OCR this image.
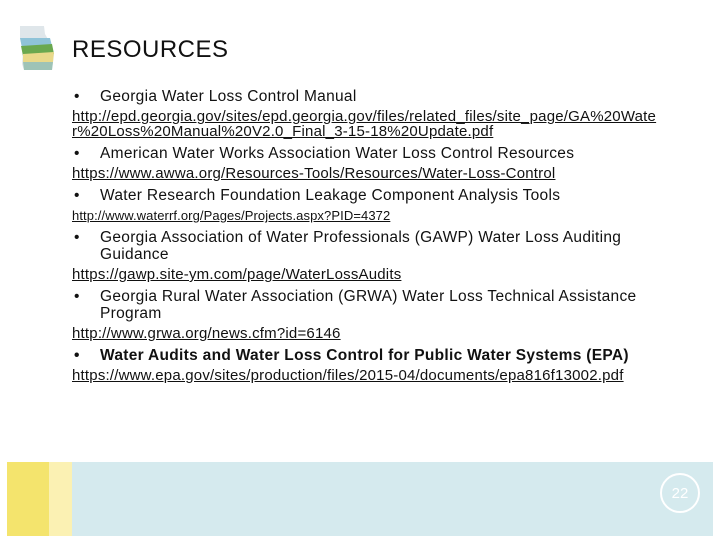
RESOURCES
• Georgia Water Loss Control Manual
http://epd.georgia.gov/sites/epd.georgia.gov/files/related_files/site_page/GA%20Water%20Loss%20Manual%20V2.0_Final_3-15-18%20Update.pdf
• American Water Works Association Water Loss Control Resources
https://www.awwa.org/Resources-Tools/Resources/Water-Loss-Control
• Water Research Foundation Leakage Component Analysis Tools
http://www.waterrf.org/Pages/Projects.aspx?PID=4372
• Georgia Association of Water Professionals (GAWP) Water Loss Auditing Guidance
https://gawp.site-ym.com/page/WaterLossAudits
• Georgia Rural Water Association (GRWA) Water Loss Technical Assistance Program
http://www.grwa.org/news.cfm?id=6146
• Water Audits and Water Loss Control for Public Water Systems (EPA)
https://www.epa.gov/sites/production/files/2015-04/documents/epa816f13002.pdf
22
